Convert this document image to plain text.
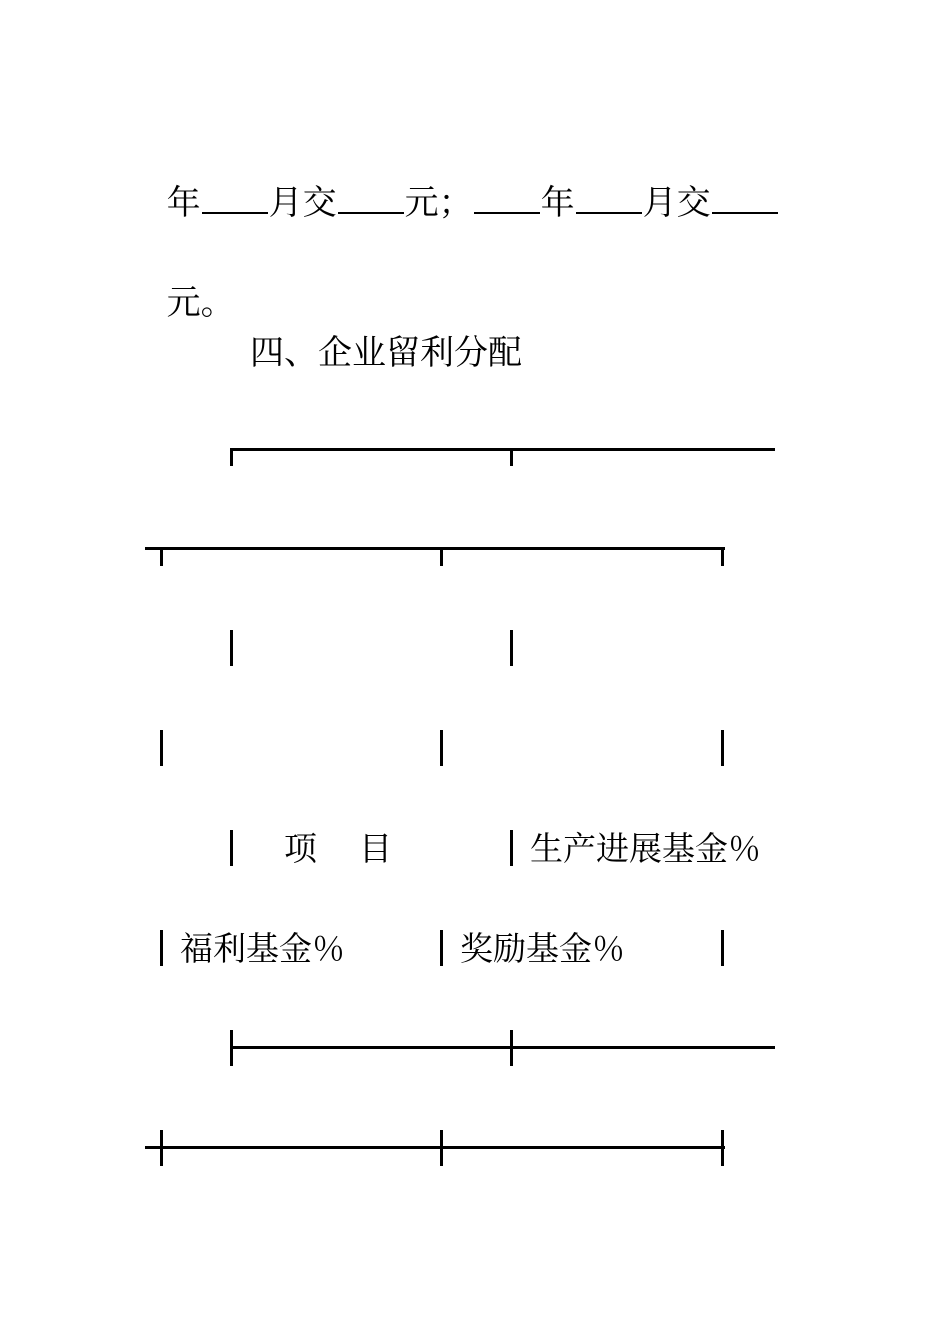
年 月交 元； 年 月交

元。

四、企业留利分配
项    目	生产进展基金％
福利基金％	奖励基金％
